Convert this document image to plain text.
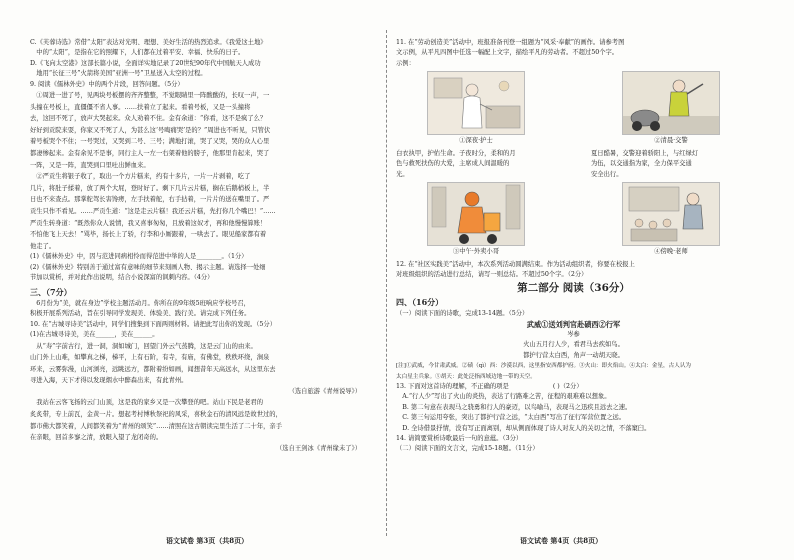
C.《芙蓉诗选》常借“太阳”表达对光明、理想、美好生活的热烈追求。《我爱这土地》

中的“太阳”，是指在它的照耀下，人们都在过着平安、幸福、快乐的日子。

D.《飞向太空港》这部长篇小说，全面详实地记录了20世纪90年代中国航天人成功

地用“长征三号”火箭将美国“亚洲一号”卫星送入太空的过程。

9. 阅读《儒林外史》中的两个片段，回答问题。（5分）

①周进一进了号，见两块号板摆的齐齐整整，不觉眼睛里一阵酸酸的，长叹一声，一

头撞在号板上，直僵僵不省人事。……扶着立了起来。看着号板，又是一头撞将

去，这回不死了，放声大哭起来。众人劝着不住。金有余道：“你看，这不是疯了么？

好好到贡院来耍，你家又不死了人，为甚么这‘号啕痛哭’是的？”周进也不听见，只管伏

着号板哭个不住；一号哭过，又哭到二号、三号；满地打滚，哭了又哭，哭的众人心里

都凄惨起来。金有余见不是事，同行主人一左一右架着他的膀子，他那里肯起来，哭了

一阵，又是一阵，直哭到口里吐出鲜血来。

②严贡生将银子收了，取出一个方片糕来，约有十多片，一片一片剥着，吃了

几片，将肚子揉着，放了两个大屁，登时好了。剩下几片云片糕，搁在后鹅梢板上，半

日也不来查点。那掌舵驾长害馋痨，左手扶着舵，右手拈着，一片片的送在嘴里了。严

贡生只作不看见。……严贡生道：“这是走云片糕！我还云片糕，先打你几个嘴巴！”……

严贡生转身道：“既然你众人说情，我又喜事匆匆，且放着这奴才，再和他慢慢算账！

不怕他飞上天去！”骂毕，扬长上了轿，行李和小厮跟着，一哄去了。眼见船家都有着

他走了。

(1)《儒林外史》中，因与范进同病相怜而得范进中举的人是________。（1分）

(2)《儒林外史》特别善于通过富有意味的细节来刻画人物、揭示主题。请选择一处细

节加以赏析，并对此作出说明，结合小说深富的讽刺内容。（4分）

三、（7分）

6月份为“美，就在身边”学校主题活动月。你所在的9年级5班响应学校号召，

积极开展系列活动，旨在引导同学发现美、体验美、践行美。请完成下列任务。

10. 在“古城寻诗美”活动中，同学们搜集到下面两则材料。请把此写出你的发现。（5分）

(1)在古城寻诗美，美在______，美在______。

从“寿”字前古行，进一洞，洞如城门，回望门外云气蒸腾，这是云门山的由来。

山门外上山难，如攀真之梯，梯平，上有石阶，有寺，有庙，有佛堂，秩秩环绕，涧泉

环来，云雾弥漫，山河浏亮，远眺远方，都附着纷如画，闻想昔年天高远水，从这里东去

寻进入海，天下才得以发现烟水中醉森出来，有此青州。

（选自旅游《青州说导》）

我站在云客飞扬的云门山顶，这是我的家乡又是一次攀登的吧。站山下民是老君的

炙炙带，专上前瓦，金黄一片。想起考村博秋祭祀的风采，喜秋金石的清风远是故世过的，

都市佛大都笑着，人间都笑着为“青州的颂笑”……清照在这古朝读完里生活了二十年，亲手

在亲眼，回首多寥之清，放眼入望了龙闭奇的。

（选自王剑冰《青州缘未了》）

11. 在“劳动创造美”活动中，班报准备刊登一组题为“风采·奉献”的画作。请参考图

文示例，从平凡四图中任选一幅配上文字，描绘平凡的劳动者。不超过50个字。

示例：

①深夜·护士	②清晨·交警

白衣执甲，护佑生命。子夜时分，柔和的月

色与救死扶伤的大爱，主席成人间温暖的

光。

夏日酷暑，交警迎着骄阳上，与红绿灯

为伍，以交通指为家，全力保平交通

安全出行。

③中午·外卖小哥	④傍晚·老师

12. 在“社区实践美”活动中，本次系列活动圆满结束。作为活动组织者，你要在校报上

对班级组织的活动进行总结，请写一则总结。不超过50个字。（2分）

第二部分 阅读（36分）

四、（16分）

（一）阅读下面的诗歌，完成13-14题。（5分）

武威①送刘判官赴碛西②行军

岑参

火山五月行人少，看君马去疾如鸟。

都护行营太白西，角声一动胡天晓。

[注]①武威，今甘肃武威。②碛（qì）西：沙漠以西，这里指安西都护府。③火山：即火焰山。④太白：金星，古人认为

太白星主兵象。⑤胡天：此处泛指西域边地一带的天空。

13. 下面对这首诗的理解，不正确的项是	( )（2分）

A.“行人少”写出了火山的炎热，表达了行路难之苦，征程的艰难难以想象。

B. 第二句意在表现马之骁勇和行人的豪迈，以鸟喻马，表现马之迅疾且远去之速。

C. 第三句运用夸张，突出了都护行营之远，“太白西”写出了征行军营位置之远。

D. 全诗借景抒情，没有写正面离别，却从侧面体现了诗人对友人的关切之情，不落窠臼。

14. 请简要赏析诗歌最后一句的意蕴。（3分）

（二）阅读下面的文言文，完成15-18题。（11分）

语文试卷 第3页（共8页）	语文试卷 第4页（共8页）
